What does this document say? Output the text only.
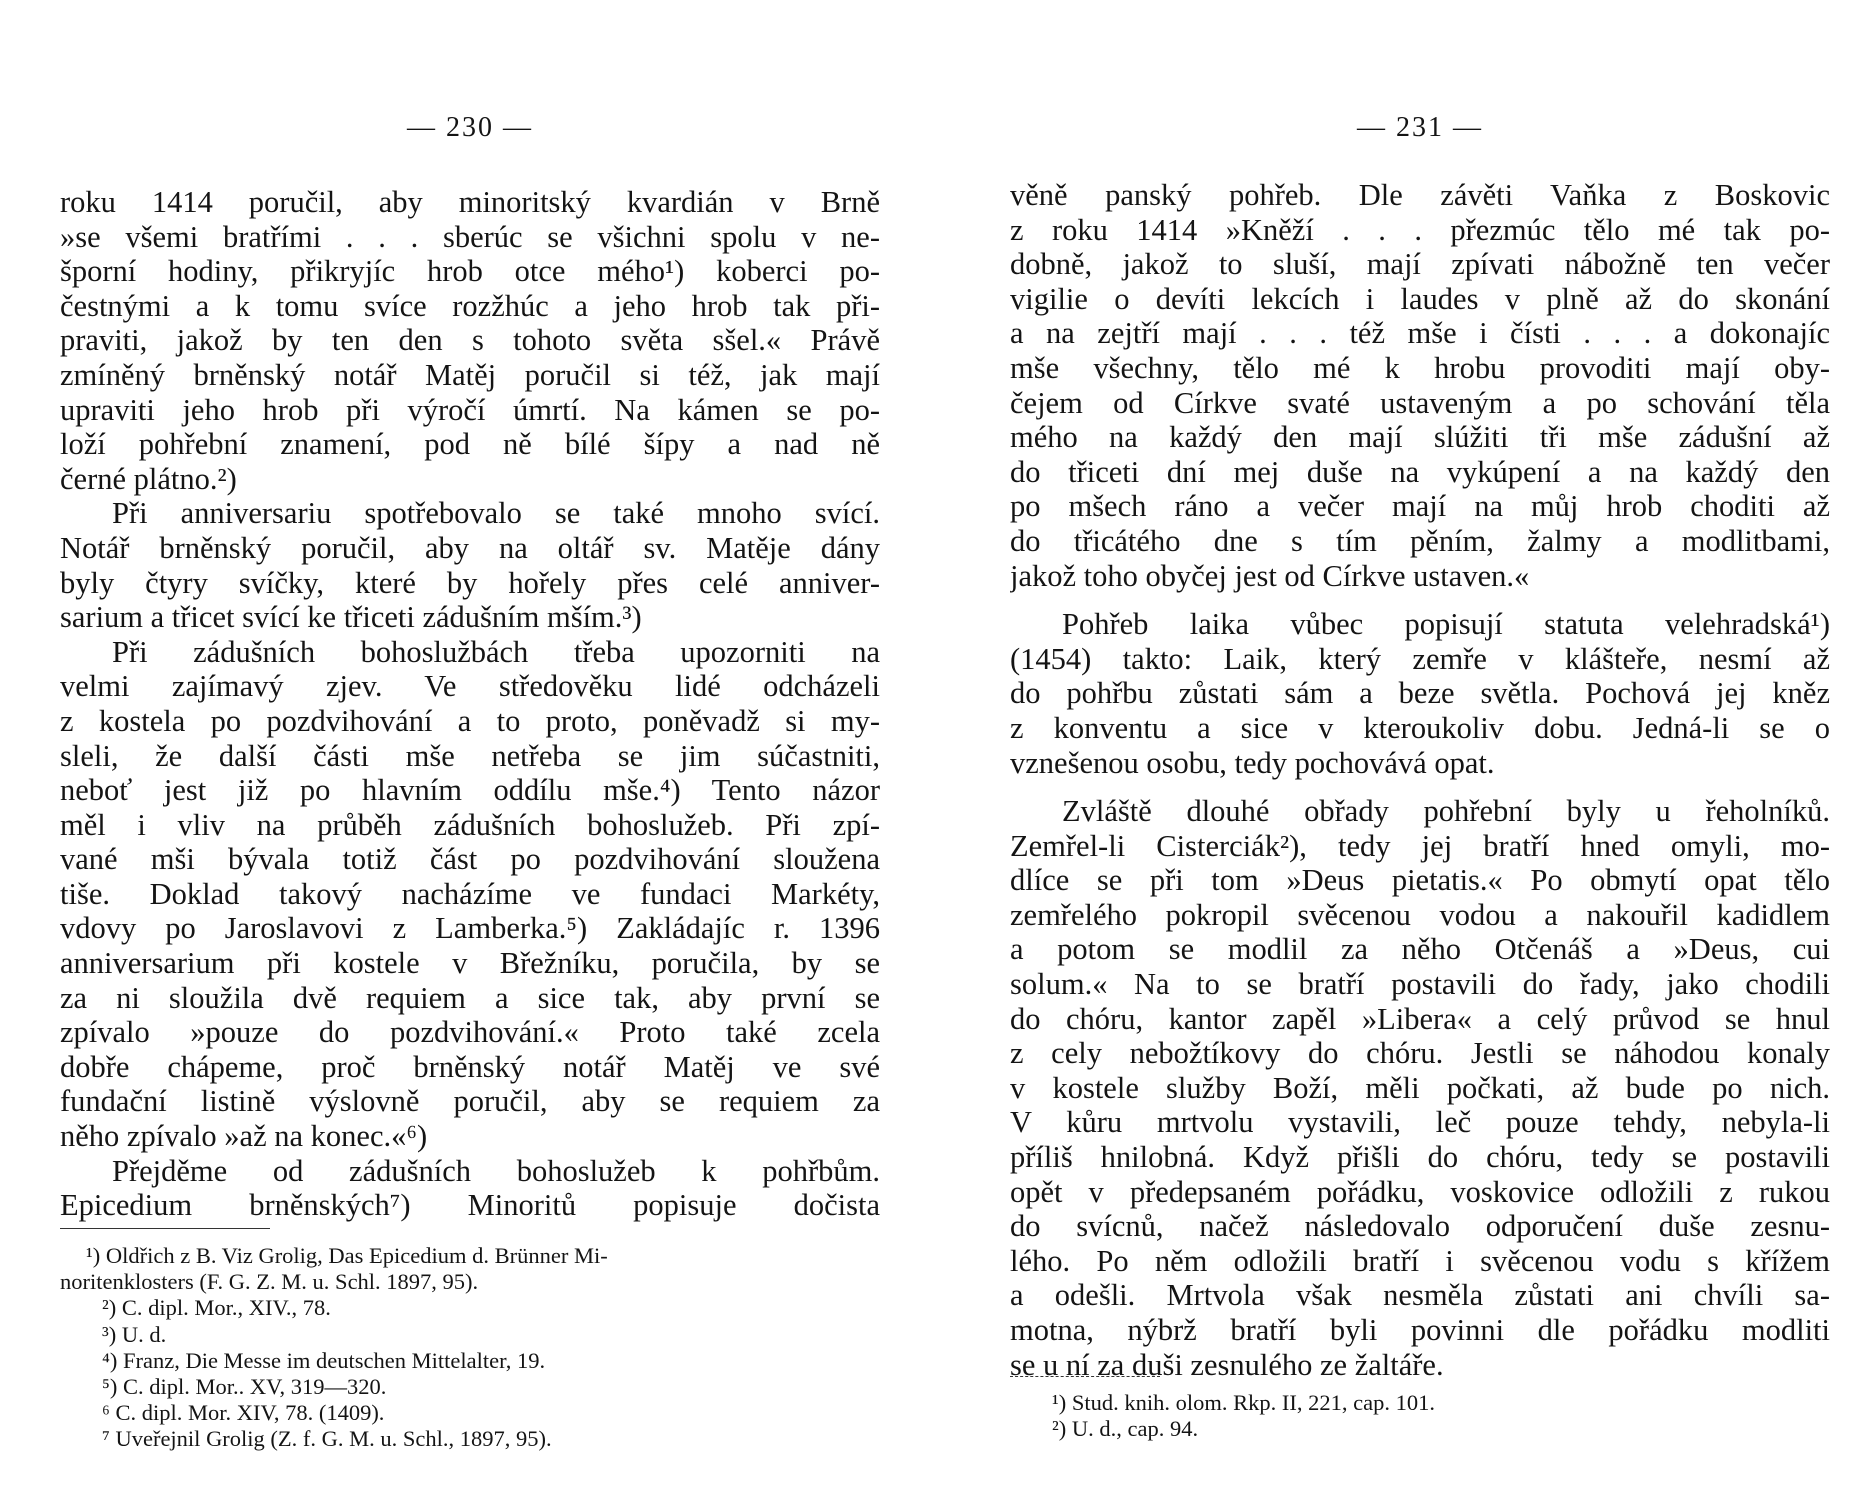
— 230 —
roku 1414 poručil, aby minoritský kvardián v Brně
»se všemi bratřími . . . sberúc se všichni spolu v ne-
šporní hodiny, přikryjíc hrob otce mého¹) koberci po-
čestnými a k tomu svíce rozžhúc a jeho hrob tak při-
praviti, jakož by ten den s tohoto světa sšel.« Právě
zmíněný brněnský notář Matěj poručil si též, jak mají
upraviti jeho hrob při výročí úmrtí. Na kámen se po-
loží pohřební znamení, pod ně bílé šípy a nad ně
černé plátno.²)
Při anniversariu spotřebovalo se také mnoho svící.
Notář brněnský poručil, aby na oltář sv. Matěje dány
byly čtyry svíčky, které by hořely přes celé anniver-
sarium a třicet svící ke třiceti zádušním mším.³)
Při zádušních bohoslužbách třeba upozorniti na
velmi zajímavý zjev. Ve středověku lidé odcházeli
z kostela po pozdvihování a to proto, poněvadž si my-
sleli, že další části mše netřeba se jim súčastniti,
neboť jest již po hlavním oddílu mše.⁴) Tento názor
měl i vliv na průběh zádušních bohoslužeb. Při zpí-
vané mši bývala totiž část po pozdvihování sloužena
tiše. Doklad takový nacházíme ve fundaci Markéty,
vdovy po Jaroslavovi z Lamberka.⁵) Zakládajíc r. 1396
anniversarium při kostele v Břežníku, poručila, by se
za ni sloužila dvě requiem a sice tak, aby první se
zpívalo »pouze do pozdvihování.« Proto také zcela
dobře chápeme, proč brněnský notář Matěj ve své
fundační listině výslovně poručil, aby se requiem za
něho zpívalo »až na konec.«⁶)
Přejděme od zádušních bohoslužeb k pohřbům.
Epicedium brněnských⁷) Minoritů popisuje dočista
¹) Oldřich z B. Viz Grolig, Das Epicedium d. Brünner Mi-
noritenklosters (F. G. Z. M. u. Schl. 1897, 95).
²) C. dipl. Mor., XIV., 78.
³) U. d.
⁴) Franz, Die Messe im deutschen Mittelalter, 19.
⁵) C. dipl. Mor.. XV, 319—320.
⁶ C. dipl. Mor. XIV, 78. (1409).
⁷ Uveřejnil Grolig (Z. f. G. M. u. Schl., 1897, 95).
— 231 —
věně panský pohřeb. Dle závěti Vaňka z Boskovic
z roku 1414 »Kněží . . . přezmúc tělo mé tak po-
dobně, jakož to sluší, mají zpívati nábožně ten večer
vigilie o devíti lekcích i laudes v plně až do skonání
a na zejtří mají . . . též mše i čísti . . . a dokonajíc
mše všechny, tělo mé k hrobu provoditi mají oby-
čejem od Církve svaté ustaveným a po schování těla
mého na každý den mají slúžiti tři mše zádušní až
do třiceti dní mej duše na vykúpení a na každý den
po mšech ráno a večer mají na můj hrob choditi až
do třicátého dne s tím pěním, žalmy a modlitbami,
jakož toho obyčej jest od Církve ustaven.«
Pohřeb laika vůbec popisují statuta velehradská¹)
(1454) takto: Laik, který zemře v klášteře, nesmí až
do pohřbu zůstati sám a beze světla. Pochová jej kněz
z konventu a sice v kteroukoliv dobu. Jedná-li se o
vznešenou osobu, tedy pochovává opat.
Zvláště dlouhé obřady pohřební byly u řeholníků.
Zemřel-li Cisterciák²), tedy jej bratří hned omyli, mo-
dlíce se při tom »Deus pietatis.« Po obmytí opat tělo
zemřelého pokropil svěcenou vodou a nakouřil kadidlem
a potom se modlil za něho Otčenáš a »Deus, cui
solum.« Na to se bratří postavili do řady, jako chodili
do chóru, kantor zapěl »Libera« a celý průvod se hnul
z cely nebožtíkovy do chóru. Jestli se náhodou konaly
v kostele služby Boží, měli počkati, až bude po nich.
V kůru mrtvolu vystavili, leč pouze tehdy, nebyla-li
příliš hnilobná. Když přišli do chóru, tedy se postavili
opět v předepsaném pořádku, voskovice odložili z rukou
do svícnů, načež následovalo odporučení duše zesnu-
lého. Po něm odložili bratří i svěcenou vodu s křížem
a odešli. Mrtvola však nesměla zůstati ani chvíli sa-
motna, nýbrž bratří byli povinni dle pořádku modliti
se u ní za duši zesnulého ze žaltáře.
¹) Stud. knih. olom. Rkp. II, 221, cap. 101.
²) U. d., cap. 94.
